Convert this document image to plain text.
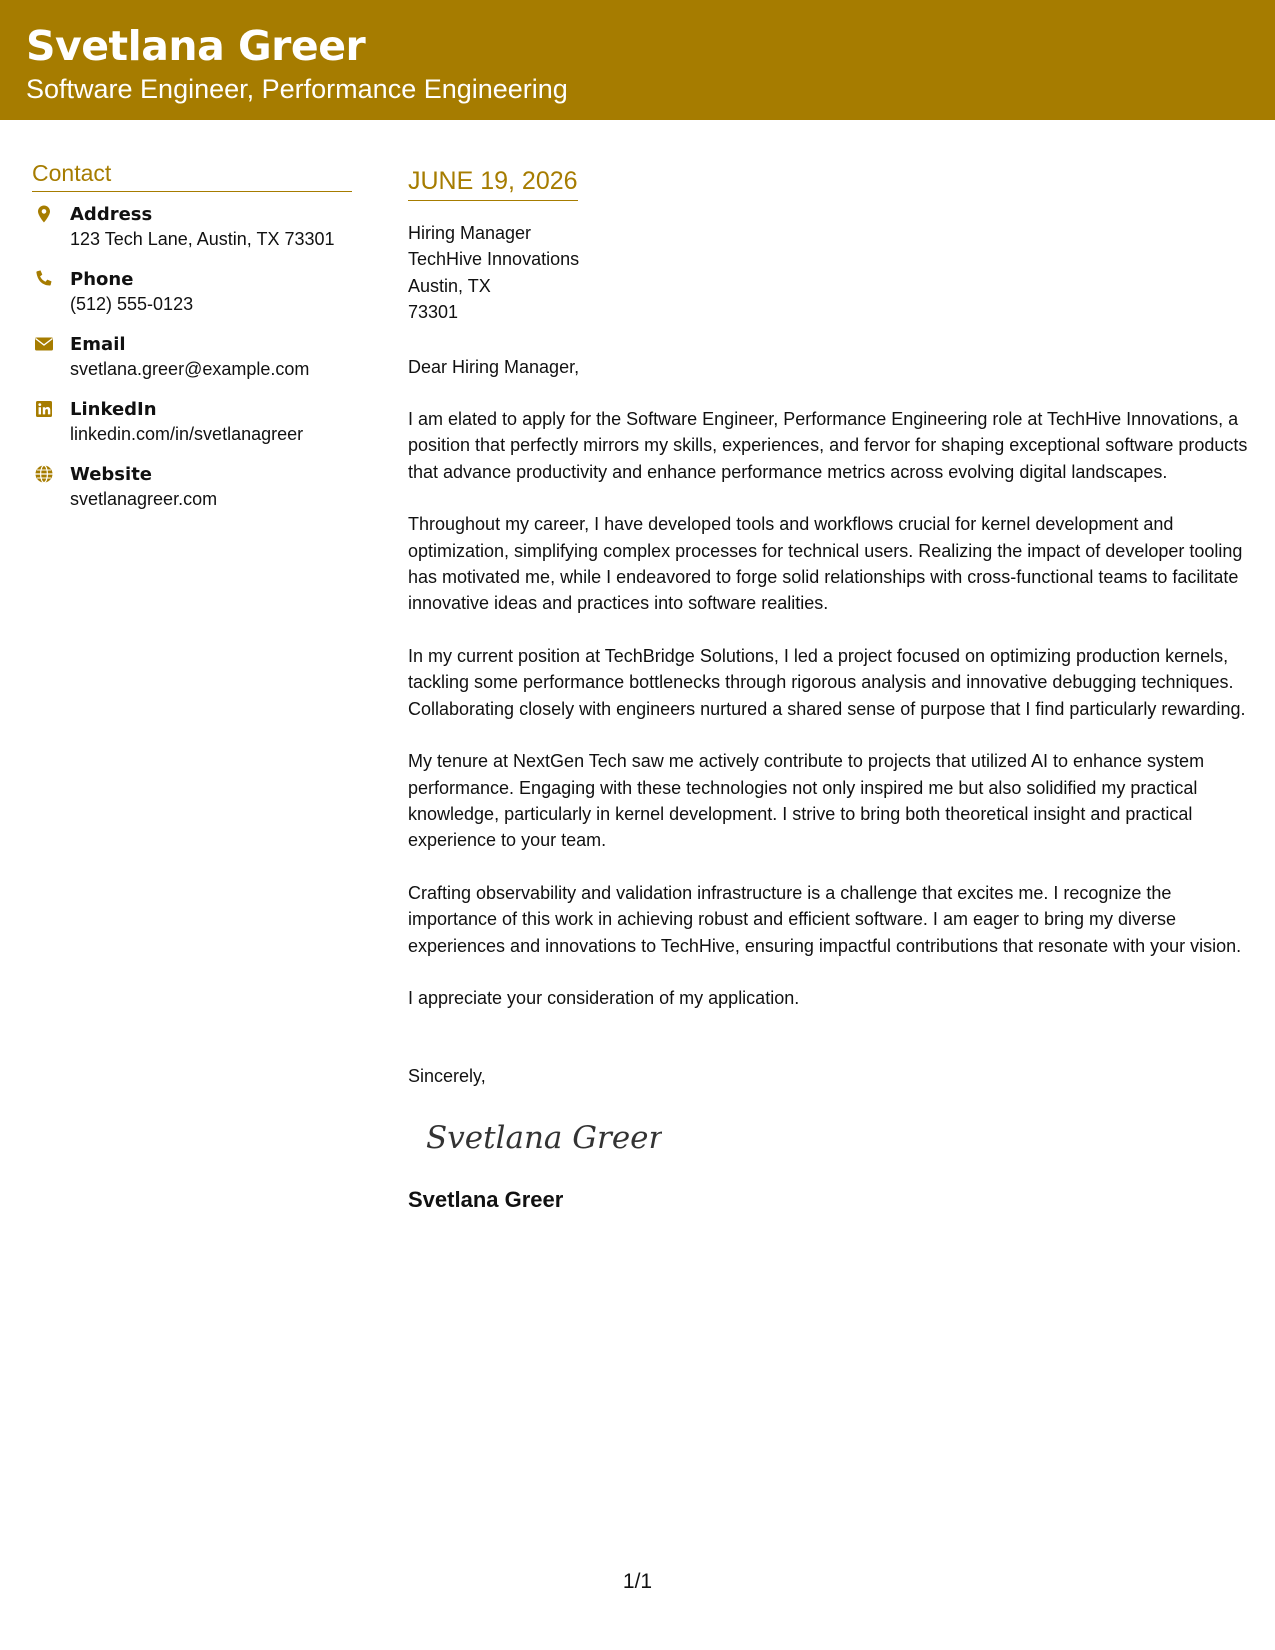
Svetlana Greer
Software Engineer, Performance Engineering
Contact
Address
123 Tech Lane, Austin, TX 73301
Phone
(512) 555-0123
Email
svetlana.greer@example.com
LinkedIn
linkedin.com/in/svetlanagreer
Website
svetlanagreer.com
JUNE 19, 2026
Hiring Manager
TechHive Innovations
Austin, TX
73301
Dear Hiring Manager,

I am elated to apply for the Software Engineer, Performance Engineering role at TechHive Innovations, a position that perfectly mirrors my skills, experiences, and fervor for shaping exceptional software products that advance productivity and enhance performance metrics across evolving digital landscapes.

Throughout my career, I have developed tools and workflows crucial for kernel development and optimization, simplifying complex processes for technical users. Realizing the impact of developer tooling has motivated me, while I endeavored to forge solid relationships with cross-functional teams to facilitate innovative ideas and practices into software realities.

In my current position at TechBridge Solutions, I led a project focused on optimizing production kernels, tackling some performance bottlenecks through rigorous analysis and innovative debugging techniques. Collaborating closely with engineers nurtured a shared sense of purpose that I find particularly rewarding.

My tenure at NextGen Tech saw me actively contribute to projects that utilized AI to enhance system performance. Engaging with these technologies not only inspired me but also solidified my practical knowledge, particularly in kernel development. I strive to bring both theoretical insight and practical experience to your team.

Crafting observability and validation infrastructure is a challenge that excites me. I recognize the importance of this work in achieving robust and efficient software. I am eager to bring my diverse experiences and innovations to TechHive, ensuring impactful contributions that resonate with your vision.

I appreciate your consideration of my application.

Sincerely,
Svetlana Greer
Svetlana Greer
1/1
